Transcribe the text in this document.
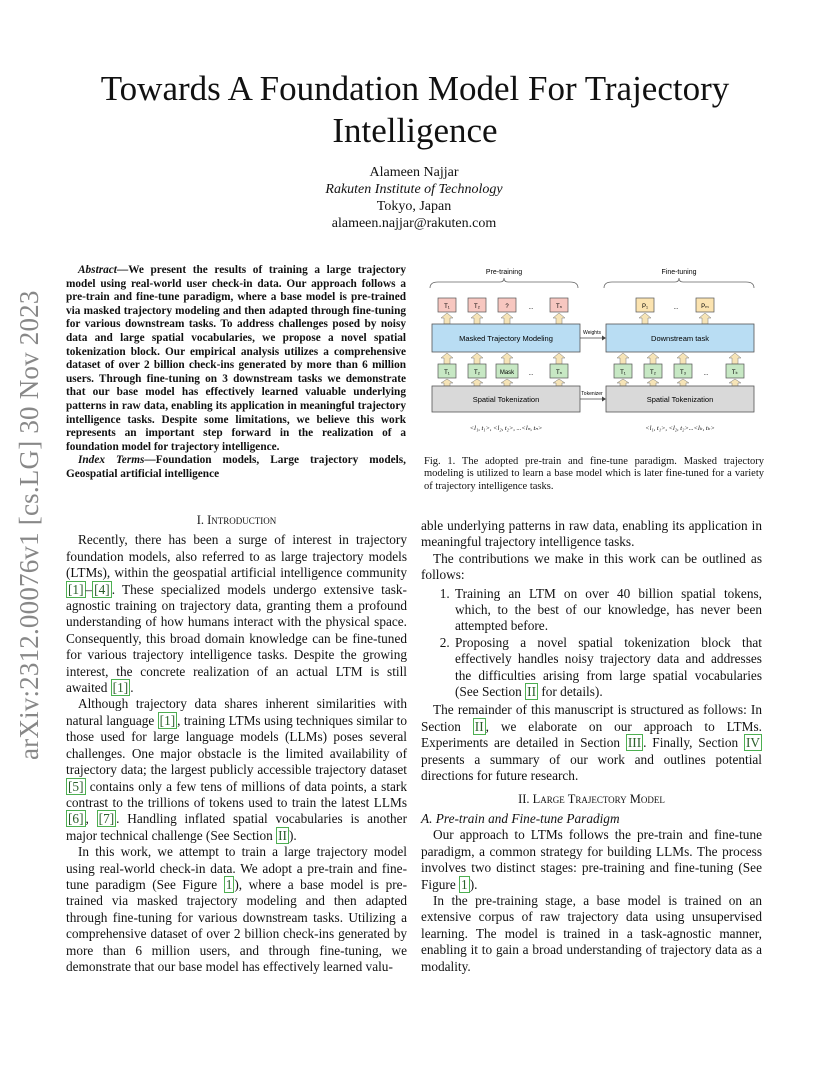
arXiv:2312.00076v1 [cs.LG] 30 Nov 2023
Towards A Foundation Model For Trajectory
Intelligence
Alameen Najjar
Rakuten Institute of Technology
Tokyo, Japan
alameen.najjar@rakuten.com

Abstract—We present the results of training a large trajectory model using real-world user check-in data. Our approach follows a pre-train and fine-tune paradigm, where a base model is pre-trained via masked trajectory modeling and then adapted through fine-tuning for various downstream tasks. To address challenges posed by noisy data and large spatial vocabularies, we propose a novel spatial tokenization block. Our empirical analysis utilizes a comprehensive dataset of over 2 billion check-ins generated by more than 6 million users. Through fine-tuning on 3 downstream tasks we demonstrate that our base model has effectively learned valuable underlying patterns in raw data, enabling its application in meaningful trajectory intelligence tasks. Despite some limitations, we believe this work represents an important step forward in the realization of a foundation model for trajectory intelligence.

Index Terms—Foundation models, Large trajectory models, Geospatial artificial intelligence

Pre-training	Fine-tuning
T₁	T₂	?	...	Tₙ	P₁	...	Pₘ
Masked Trajectory Modeling	Downstream task
Weights
T₁	T₂	Mask ...	Tₙ	T₁	T₂	T₃	...	Tₖ
Spatial Tokenization	Spatial Tokenization
Tokenizer
<l₁, t₁>, <l₂, t₂>, ...<lₙ, tₙ>	<l₁, t₁>, <l₂, t₂>...<lₖ, tₖ>
Fig. 1. The adopted pre-train and fine-tune paradigm. Masked trajectory modeling is utilized to learn a base model which is later fine-tuned for a variety of trajectory intelligence tasks.
I. Introduction

Recently, there has been a surge of interest in trajectory foundation models, also referred to as large trajectory models (LTMs), within the geospatial artificial intelligence community [1] – [4] . These specialized models undergo extensive task-agnostic training on trajectory data, granting them a profound understanding of how humans interact with the physical space. Consequently, this broad domain knowledge can be fine-tuned for various trajectory intelligence tasks. Despite the growing interest, the concrete realization of an actual LTM is still awaited [1] .

Although trajectory data shares inherent similarities with natural language [1] , training LTMs using techniques similar to those used for large language models (LLMs) poses several challenges. One major obstacle is the limited availability of trajectory data; the largest publicly accessible trajectory dataset [5] contains only a few tens of millions of data points, a stark contrast to the trillions of tokens used to train the latest LLMs [6] , [7] . Handling inflated spatial vocabularies is another major technical challenge (See Section II ).

In this work, we attempt to train a large trajectory model using real-world check-in data. We adopt a pre-train and fine-tune paradigm (See Figure 1 ), where a base model is pre-trained via masked trajectory modeling and then adapted through fine-tuning for various downstream tasks. Utilizing a comprehensive dataset of over 2 billion check-ins generated by more than 6 million users, and through fine-tuning, we demonstrate that our base model has effectively learned valu-

able underlying patterns in raw data, enabling its application in meaningful trajectory intelligence tasks.

The contributions we make in this work can be outlined as follows:

1. Training an LTM on over 40 billion spatial tokens, which, to the best of our knowledge, has never been attempted before.
2. Proposing a novel spatial tokenization block that effectively handles noisy trajectory data and addresses the difficulties arising from large spatial vocabularies (See Section II for details).

The remainder of this manuscript is structured as follows: In Section II , we elaborate on our approach to LTMs. Experiments are detailed in Section III . Finally, Section IV presents a summary of our work and outlines potential directions for future research.

II. Large Trajectory Model

A. Pre-train and Fine-tune Paradigm

Our approach to LTMs follows the pre-train and fine-tune paradigm, a common strategy for building LLMs. The process involves two distinct stages: pre-training and fine-tuning (See Figure 1 ).

In the pre-training stage, a base model is trained on an extensive corpus of raw trajectory data using unsupervised learning. The model is trained in a task-agnostic manner, enabling it to gain a broad understanding of trajectory data as a modality.
